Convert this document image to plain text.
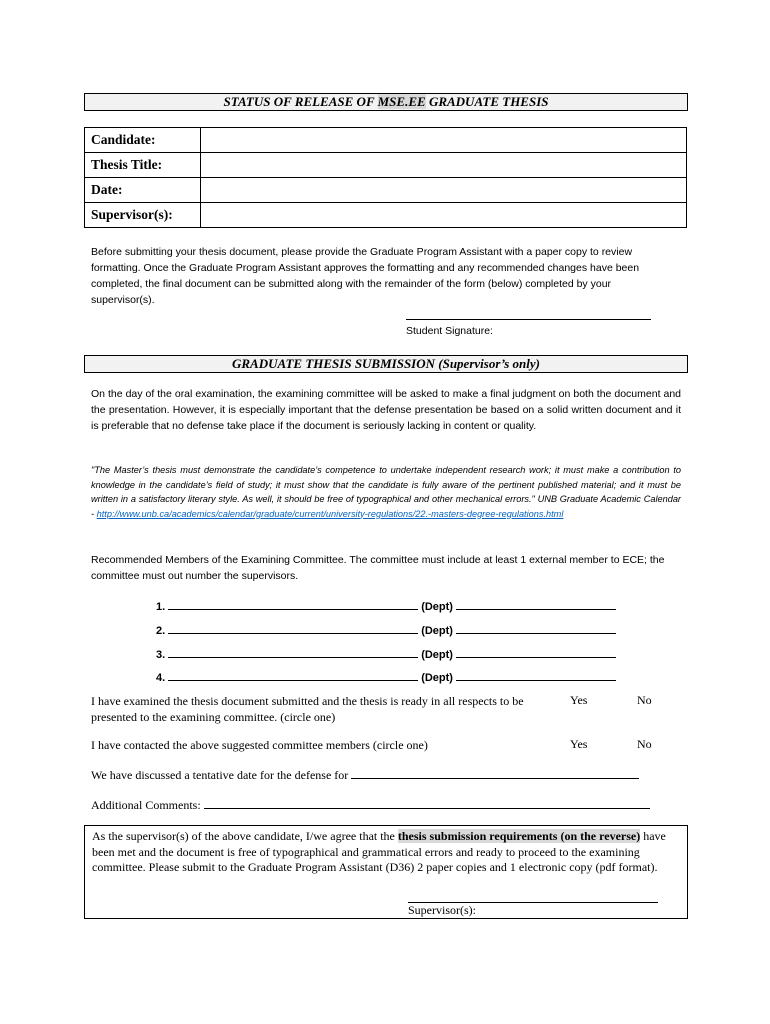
STATUS OF RELEASE OF MSE.EE GRADUATE THESIS
Candidate:	
Thesis Title:	
Date:	
Supervisor(s):	
Before submitting your thesis document, please provide the Graduate Program Assistant with a paper copy to review formatting. Once the Graduate Program Assistant approves the formatting and any recommended changes have been completed, the final document can be submitted along with the remainder of the form (below) completed by your supervisor(s).
Student Signature:
GRADUATE THESIS SUBMISSION (Supervisor’s only)
On the day of the oral examination, the examining committee will be asked to make a final judgment on both the document and the presentation. However, it is especially important that the defense presentation be based on a solid written document and it is preferable that no defense take place if the document is seriously lacking in content or quality.
"The Master’s thesis must demonstrate the candidate’s competence to undertake independent research work; it must make a contribution to knowledge in the candidate’s field of study; it must show that the candidate is fully aware of the pertinent published material; and it must be written in a satisfactory literary style. As well, it should be free of typographical and other mechanical errors." UNB Graduate Academic Calendar - http://www.unb.ca/academics/calendar/graduate/current/university-regulations/22.-masters-degree-regulations.html
Recommended Members of the Examining Committee. The committee must include at least 1 external member to ECE; the committee must out number the supervisors.
1.	(Dept)
2.	(Dept)
3.	(Dept)
4.	(Dept)
I have examined the thesis document submitted and the thesis is ready in all respects to be presented to the examining committee. (circle one)
Yes	No
I have contacted the above suggested committee members (circle one)	Yes	No
We have discussed a tentative date for the defense for
Additional Comments:
As the supervisor(s) of the above candidate, I/we agree that the thesis submission requirements (on the reverse) have been met and the document is free of typographical and grammatical errors and ready to proceed to the examining committee. Please submit to the Graduate Program Assistant (D36) 2 paper copies and 1 electronic copy (pdf format).
Supervisor(s):
